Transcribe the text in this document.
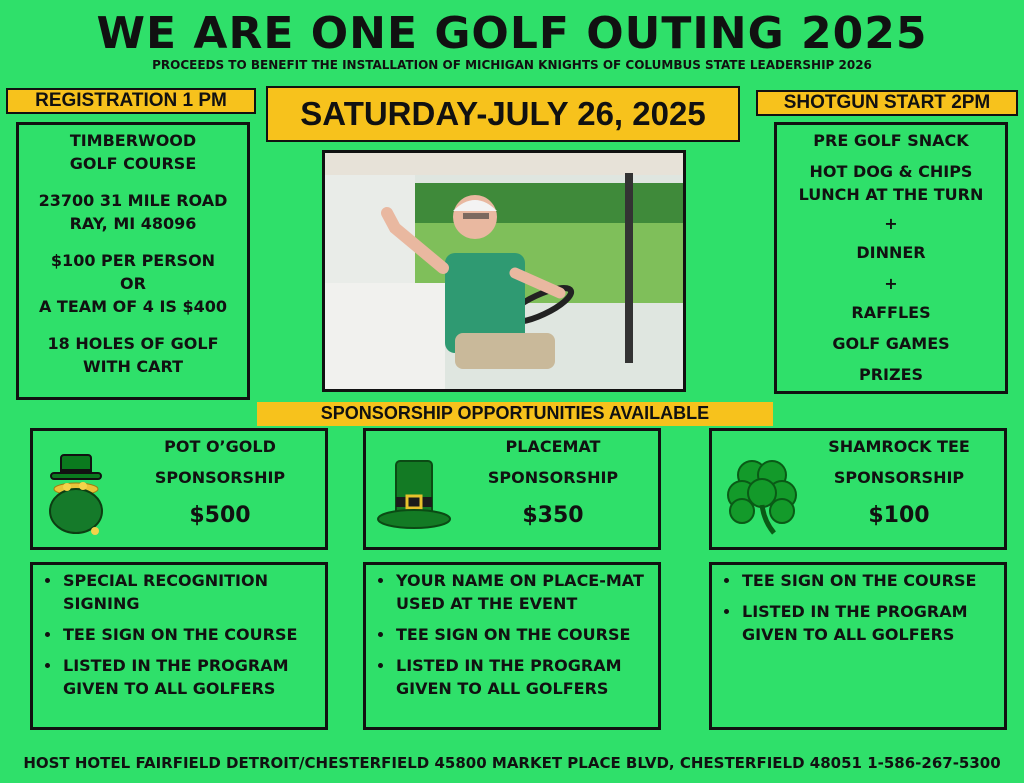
WE ARE ONE GOLF OUTING 2025
PROCEEDS TO BENEFIT THE INSTALLATION OF MICHIGAN KNIGHTS OF COLUMBUS STATE LEADERSHIP 2026
REGISTRATION 1 PM	SATURDAY-JULY 26, 2025	SHOTGUN START 2PM
TIMBERWOOD
GOLF COURSE
23700 31 MILE ROAD
RAY, MI 48096
$100 PER PERSON
OR
A TEAM OF 4 IS $400
18 HOLES OF GOLF
WITH CART
PRE GOLF SNACK
HOT DOG & CHIPS
LUNCH AT THE TURN
+
DINNER
+
RAFFLES
GOLF GAMES
PRIZES
SPONSORSHIP OPPORTUNITIES AVAILABLE
POT O’GOLD
SPONSORSHIP
$500
PLACEMAT
SPONSORSHIP
$350
SHAMROCK TEE
SPONSORSHIP
$100
SPECIAL RECOGNITION SIGNING
TEE SIGN ON THE COURSE
LISTED IN THE PROGRAM GIVEN TO ALL GOLFERS
YOUR NAME ON PLACE-MAT USED AT THE EVENT
TEE SIGN ON THE COURSE
LISTED IN THE PROGRAM GIVEN TO ALL GOLFERS
TEE SIGN ON THE COURSE
LISTED IN THE PROGRAM GIVEN TO ALL GOLFERS
HOST HOTEL FAIRFIELD DETROIT/CHESTERFIELD 45800 MARKET PLACE BLVD, CHESTERFIELD 48051 1-586-267-5300
